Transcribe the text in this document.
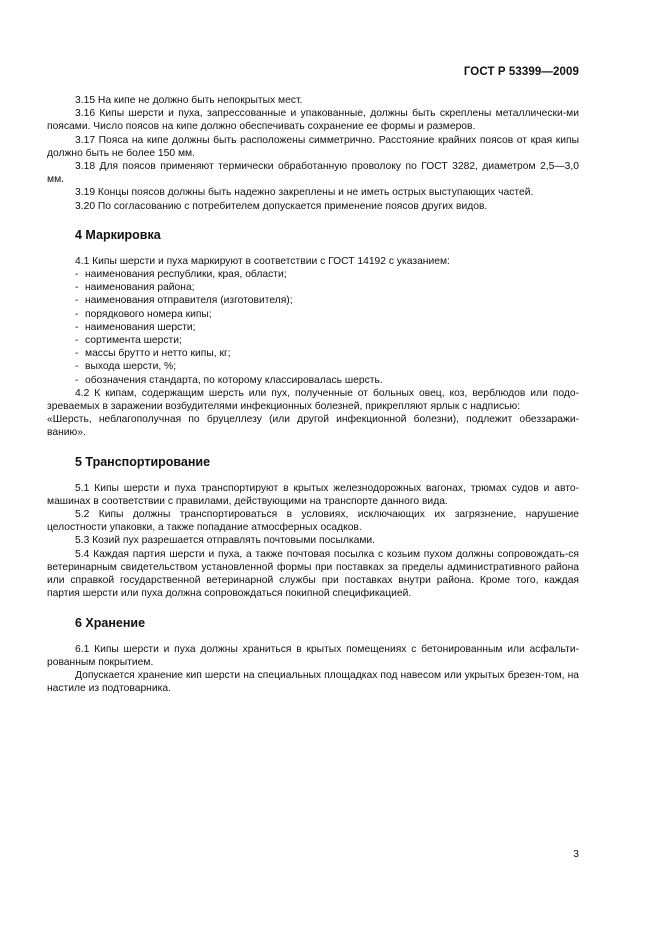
ГОСТ Р 53399—2009

3.15 На кипе не должно быть непокрытых мест.

3.16 Кипы шерсти и пуха, запрессованные и упакованные, должны быть скреплены металлически-ми поясами. Число поясов на кипе должно обеспечивать сохранение ее формы и размеров.

3.17 Пояса на кипе должны быть расположены симметрично. Расстояние крайних поясов от края кипы должно быть не более 150 мм.

3.18 Для поясов применяют термически обработанную проволоку по ГОСТ 3282, диаметром 2,5—3,0 мм.

3.19 Концы поясов должны быть надежно закреплены и не иметь острых выступающих частей.

3.20 По согласованию с потребителем допускается применение поясов других видов.

4 Маркировка

4.1 Кипы шерсти и пуха маркируют в соответствии с ГОСТ 14192 с указанием:

- наименования республики, края, области;
- наименования района;
- наименования отправителя (изготовителя);
- порядкового номера кипы;
- наименования шерсти;
- сортимента шерсти;
- массы брутто и нетто кипы, кг;
- выхода шерсти, %;
- обозначения стандарта, по которому классировалась шерсть.

4.2 К кипам, содержащим шерсть или пух, полученные от больных овец, коз, верблюдов или подо-зреваемых в заражении возбудителями инфекционных болезней, прикрепляют ярлык с надписью:

«Шерсть, неблагополучная по бруцеллезу (или другой инфекционной болезни), подлежит обеззаражи-ванию».

5 Транспортирование

5.1 Кипы шерсти и пуха транспортируют в крытых железнодорожных вагонах, трюмах судов и авто-машинах в соответствии с правилами, действующими на транспорте данного вида.

5.2 Кипы должны транспортироваться в условиях, исключающих их загрязнение, нарушение целостности упаковки, а также попадание атмосферных осадков.

5.3 Козий пух разрешается отправлять почтовыми посылками.

5.4 Каждая партия шерсти и пуха, а также почтовая посылка с козьим пухом должны сопровождать-ся ветеринарным свидетельством установленной формы при поставках за пределы административного района или справкой государственной ветеринарной службы при поставках внутри района. Кроме того, каждая партия шерсти или пуха должна сопровождаться покипной спецификацией.

6 Хранение

6.1 Кипы шерсти и пуха должны храниться в крытых помещениях с бетонированным или асфальти-рованным покрытием.

Допускается хранение кип шерсти на специальных площадках под навесом или укрытых брезен-том, на настиле из подтоварника.

3
